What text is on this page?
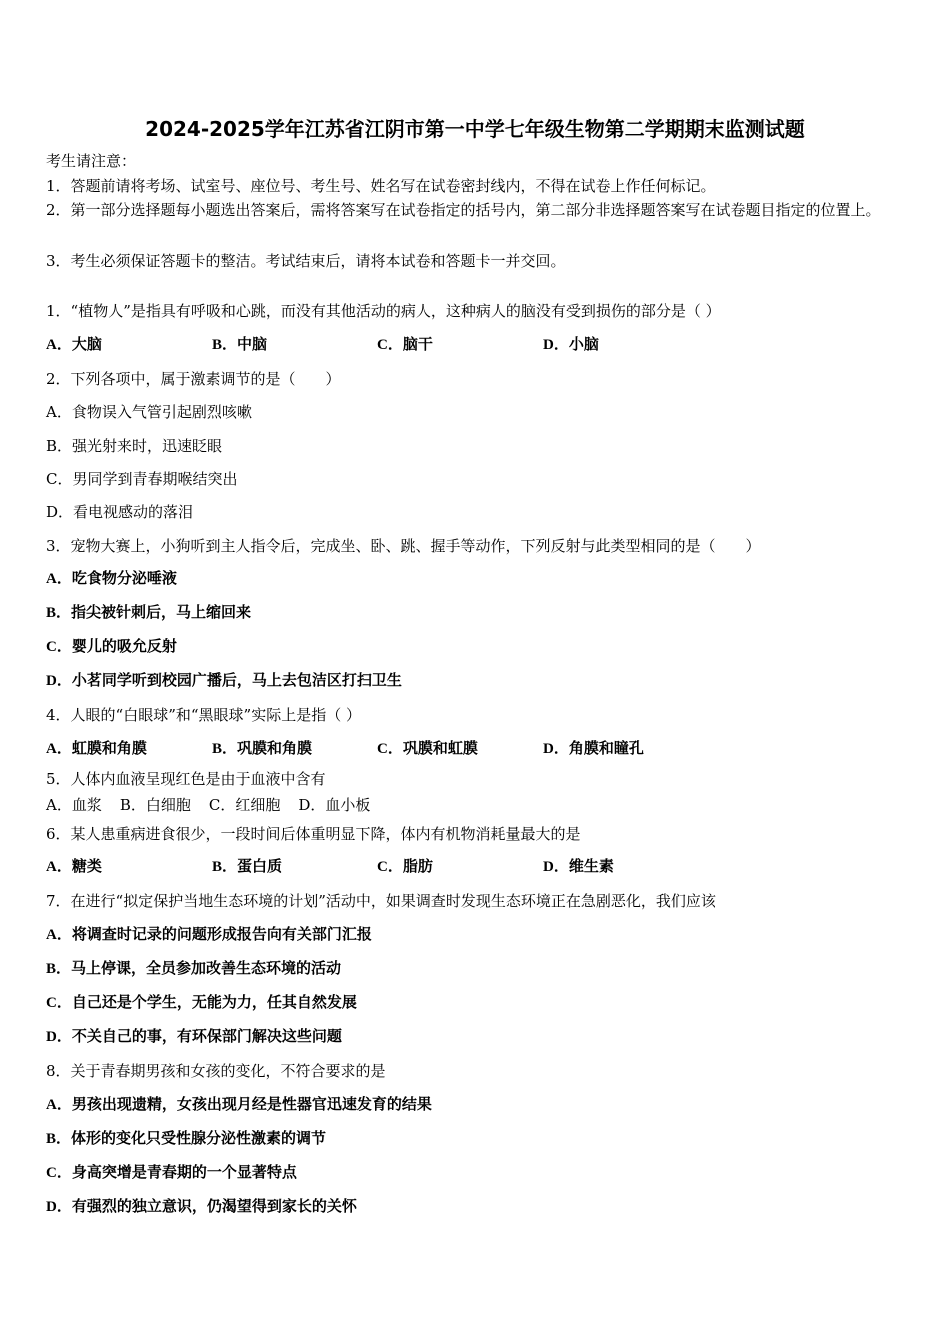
2024-2025学年江苏省江阴市第一中学七年级生物第二学期期末监测试题
考生请注意：
1．答题前请将考场、试室号、座位号、考生号、姓名写在试卷密封线内，不得在试卷上作任何标记。
2．第一部分选择题每小题选出答案后，需将答案写在试卷指定的括号内，第二部分非选择题答案写在试卷题目指定的位置上。
3．考生必须保证答题卡的整洁。考试结束后，请将本试卷和答题卡一并交回。
1．“植物人”是指具有呼吸和心跳，而没有其他活动的病人，这种病人的脑没有受到损伤的部分是（ ）
A．大脑	B．中脑	C．脑干	D．小脑
2．下列各项中，属于激素调节的是（　　）
A．食物误入气管引起剧烈咳嗽
B．强光射来时，迅速眨眼
C．男同学到青春期喉结突出
D．看电视感动的落泪
3．宠物大赛上，小狗听到主人指令后，完成坐、卧、跳、握手等动作，下列反射与此类型相同的是（　　）
A．吃食物分泌唾液
B．指尖被针刺后，马上缩回来
C．婴儿的吸允反射
D．小茗同学听到校园广播后，马上去包洁区打扫卫生
4．人眼的“白眼球”和“黑眼球”实际上是指（ ）
A．虹膜和角膜	B．巩膜和角膜	C．巩膜和虹膜	D．角膜和瞳孔
5．人体内血液呈现红色是由于血液中含有
A．血浆 B．白细胞 C．红细胞 D．血小板
6．某人患重病进食很少，一段时间后体重明显下降，体内有机物消耗量最大的是
A．糖类	B．蛋白质	C．脂肪	D．维生素
7．在进行“拟定保护当地生态环境的计划”活动中，如果调查时发现生态环境正在急剧恶化，我们应该
A．将调查时记录的问题形成报告向有关部门汇报
B．马上停课，全员参加改善生态环境的活动
C．自己还是个学生，无能为力，任其自然发展
D．不关自己的事，有环保部门解决这些问题
8．关于青春期男孩和女孩的变化，不符合要求的是
A．男孩出现遗精，女孩出现月经是性器官迅速发育的结果
B．体形的变化只受性腺分泌性激素的调节
C．身高突增是青春期的一个显著特点
D．有强烈的独立意识，仍渴望得到家长的关怀
